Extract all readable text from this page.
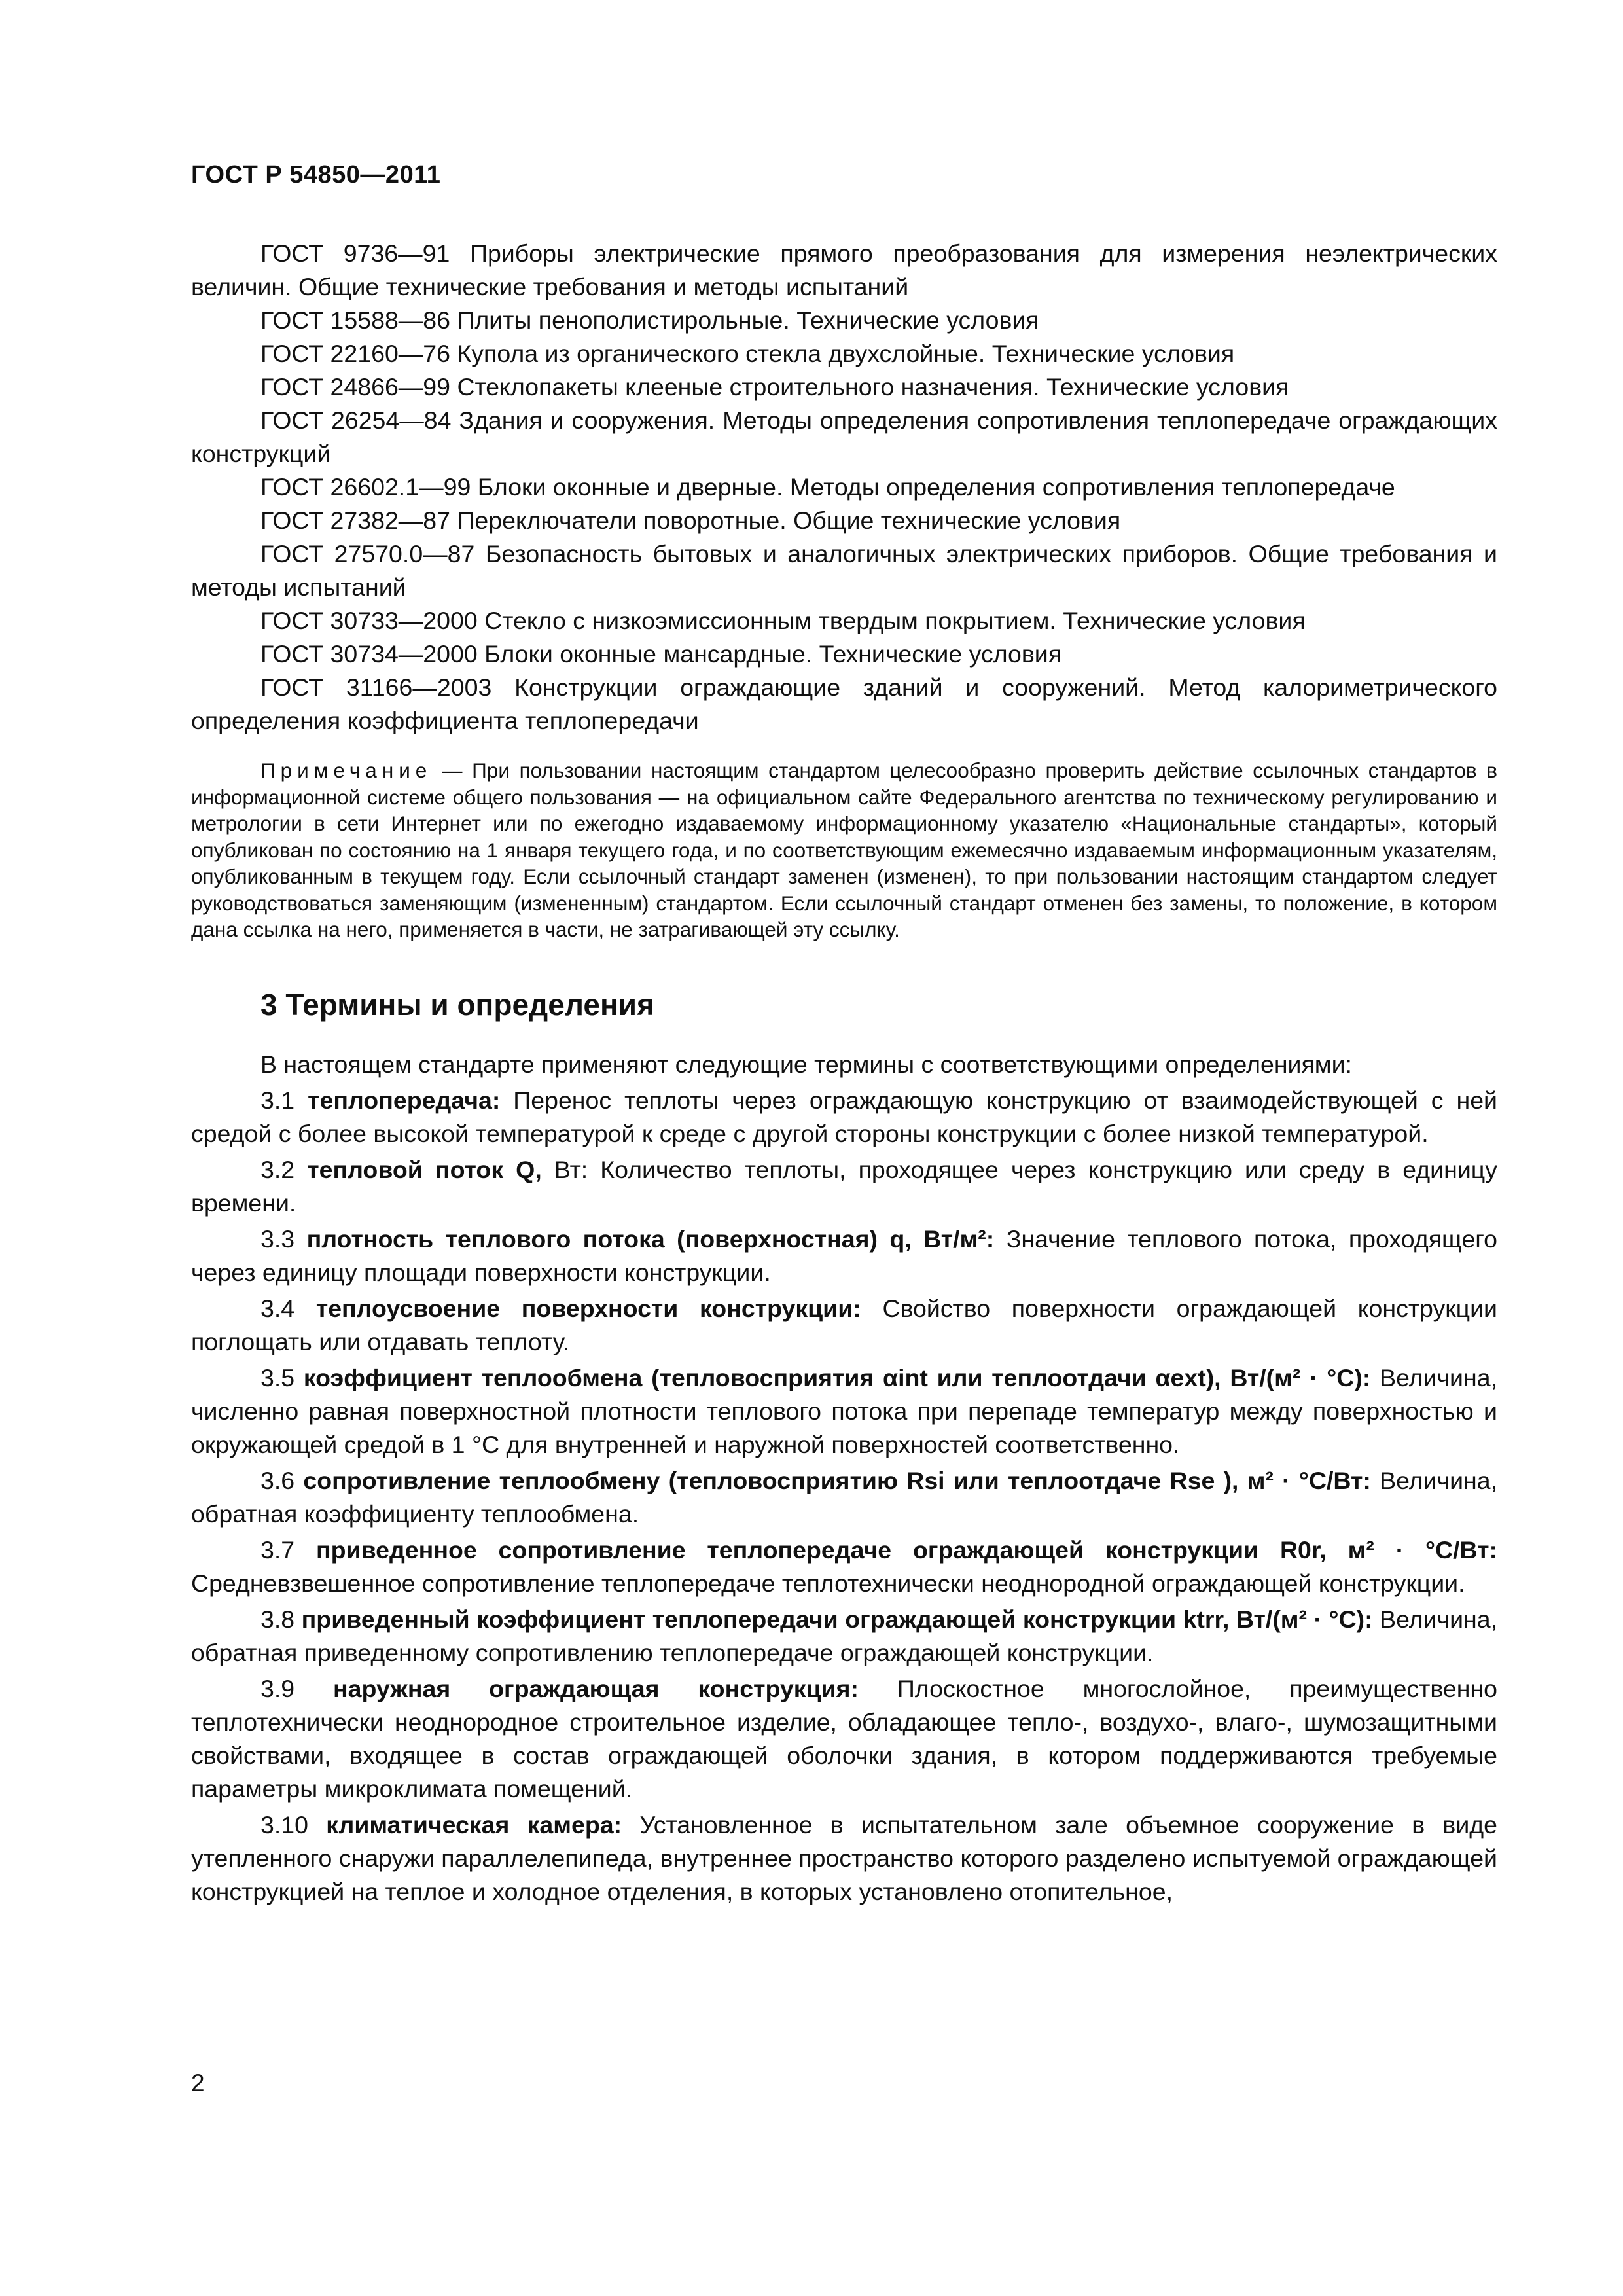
ГОСТ Р 54850—2011

ГОСТ 9736—91 Приборы электрические прямого преобразования для измерения неэлектрических величин. Общие технические требования и методы испытаний

ГОСТ 15588—86 Плиты пенополистирольные. Технические условия

ГОСТ 22160—76 Купола из органического стекла двухслойные. Технические условия

ГОСТ 24866—99 Стеклопакеты клееные строительного назначения. Технические условия

ГОСТ 26254—84 Здания и сооружения. Методы определения сопротивления теплопередаче ограждающих конструкций

ГОСТ 26602.1—99 Блоки оконные и дверные. Методы определения сопротивления теплопередаче

ГОСТ 27382—87 Переключатели поворотные. Общие технические условия

ГОСТ 27570.0—87 Безопасность бытовых и аналогичных электрических приборов. Общие требования и методы испытаний

ГОСТ 30733—2000 Стекло с низкоэмиссионным твердым покрытием. Технические условия

ГОСТ 30734—2000 Блоки оконные мансардные. Технические условия

ГОСТ 31166—2003 Конструкции ограждающие зданий и сооружений. Метод калориметрического определения коэффициента теплопередачи

Примечание — При пользовании настоящим стандартом целесообразно проверить действие ссылочных стандартов в информационной системе общего пользования — на официальном сайте Федерального агентства по техническому регулированию и метрологии в сети Интернет или по ежегодно издаваемому информационному указателю «Национальные стандарты», который опубликован по состоянию на 1 января текущего года, и по соответствующим ежемесячно издаваемым информационным указателям, опубликованным в текущем году. Если ссылочный стандарт заменен (изменен), то при пользовании настоящим стандартом следует руководствоваться заменяющим (измененным) стандартом. Если ссылочный стандарт отменен без замены, то положение, в котором дана ссылка на него, применяется в части, не затрагивающей эту ссылку.
3 Термины и определения

В настоящем стандарте применяют следующие термины с соответствующими определениями:

3.1 теплопередача: Перенос теплоты через ограждающую конструкцию от взаимодействующей с ней средой с более высокой температурой к среде с другой стороны конструкции с более низкой температурой.

3.2 тепловой поток Q, Вт: Количество теплоты, проходящее через конструкцию или среду в единицу времени.

3.3 плотность теплового потока (поверхностная) q, Вт/м²: Значение теплового потока, проходящего через единицу площади поверхности конструкции.

3.4 теплоусвоение поверхности конструкции: Свойство поверхности ограждающей конструкции поглощать или отдавать теплоту.

3.5 коэффициент теплообмена (тепловосприятия αint или теплоотдачи αext), Вт/(м² · °С): Величина, численно равная поверхностной плотности теплового потока при перепаде температур между поверхностью и окружающей средой в 1 °С для внутренней и наружной поверхностей соответственно.

3.6 сопротивление теплообмену (тепловосприятию Rsi или теплоотдаче Rse ), м² · °С/Вт: Величина, обратная коэффициенту теплообмена.

3.7 приведенное сопротивление теплопередаче ограждающей конструкции R0r, м² · °С/Вт: Средневзвешенное сопротивление теплопередаче теплотехнически неоднородной ограждающей конструкции.

3.8 приведенный коэффициент теплопередачи ограждающей конструкции ktrr, Вт/(м² · °С): Величина, обратная приведенному сопротивлению теплопередаче ограждающей конструкции.

3.9 наружная ограждающая конструкция: Плоскостное многослойное, преимущественно теплотехнически неоднородное строительное изделие, обладающее тепло-, воздухо-, влаго-, шумозащитными свойствами, входящее в состав ограждающей оболочки здания, в котором поддерживаются требуемые параметры микроклимата помещений.

3.10 климатическая камера: Установленное в испытательном зале объемное сооружение в виде утепленного снаружи параллелепипеда, внутреннее пространство которого разделено испытуемой ограждающей конструкцией на теплое и холодное отделения, в которых установлено отопительное,

2
